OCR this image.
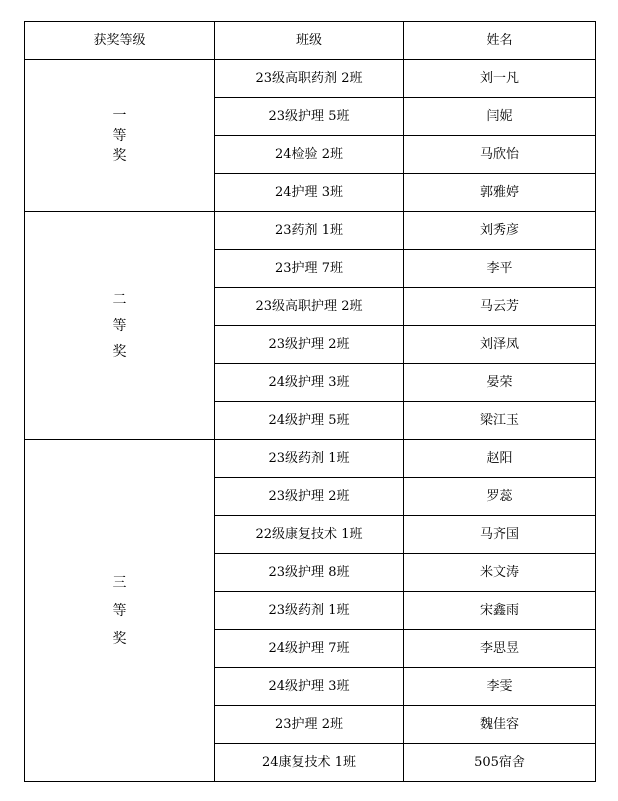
获奖等级	班级	姓名

一
等
奖	23级高职药剂 2班	刘一凡
	23级护理 5班	闫妮
	24检验 2班	马欣怡
	24护理 3班	郭雅婷

二
等
奖	23药剂 1班	刘秀彦
	23护理 7班	李平
	23级高职护理 2班	马云芳
	23级护理 2班	刘泽凤
	24级护理 3班	晏荣
	24级护理 5班	梁江玉

三
等
奖	23级药剂 1班	赵阳
	23级护理 2班	罗蕊
	22级康复技术 1班	马齐国
	23级护理 8班	米文涛
	23级药剂 1班	宋鑫雨
	24级护理 7班	李思昱
	24级护理 3班	李雯
	23护理 2班	魏佳容
	24康复技术 1班	505宿舍
